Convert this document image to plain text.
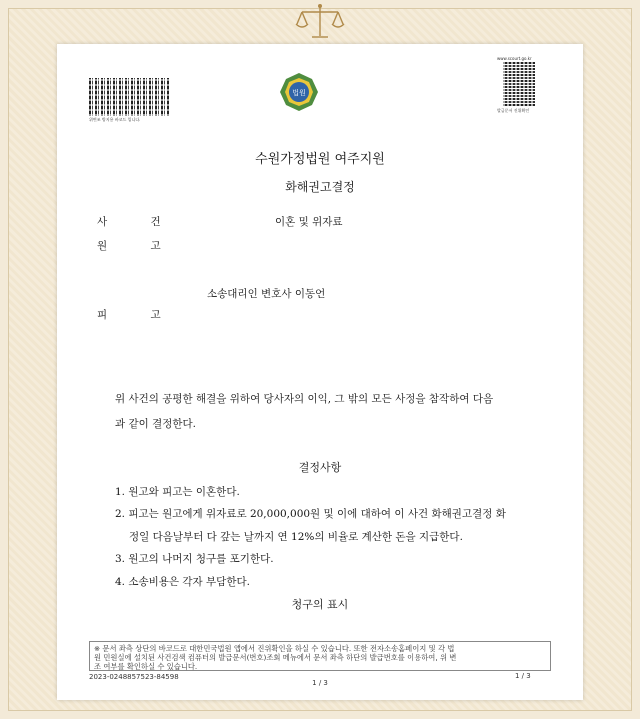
위변조 방지용 바코드 입니다.
법원
www.scourt.go.kr
발급문서 진위확인
수원가정법원 여주지원
화해권고결정
사 건	이혼 및 위자료
원 고
소송대리인 변호사 이동언
피 고
위 사건의 공평한 해결을 위하여 당사자의 이익, 그 밖의 모든 사정을 참작하여 다음
과 같이 결정한다.
결정사항
1. 원고와 피고는 이혼한다.
2. 피고는 원고에게 위자료로 20,000,000원 및 이에 대하여 이 사건 화해권고결정 화
정일 다음날부터 다 갚는 날까지 연 12%의 비율로 계산한 돈을 지급한다.
3. 원고의 나머지 청구를 포기한다.
4. 소송비용은 각자 부담한다.
청구의 표시
※ 문서 좌측 상단의 바코드로 대한민국법원 앱에서 진위확인을 하실 수 있습니다. 또한 전자소송홈페이지 및 각 법
원 민원실에 설치된 사건검색 컴퓨터의 발급문서(번호)조회 메뉴에서 문서 좌측 하단의 발급번호를 이용하여, 위 변
조 여부를 확인하실 수 있습니다.
2023-0248857523-84598
1 / 3
1 / 3
